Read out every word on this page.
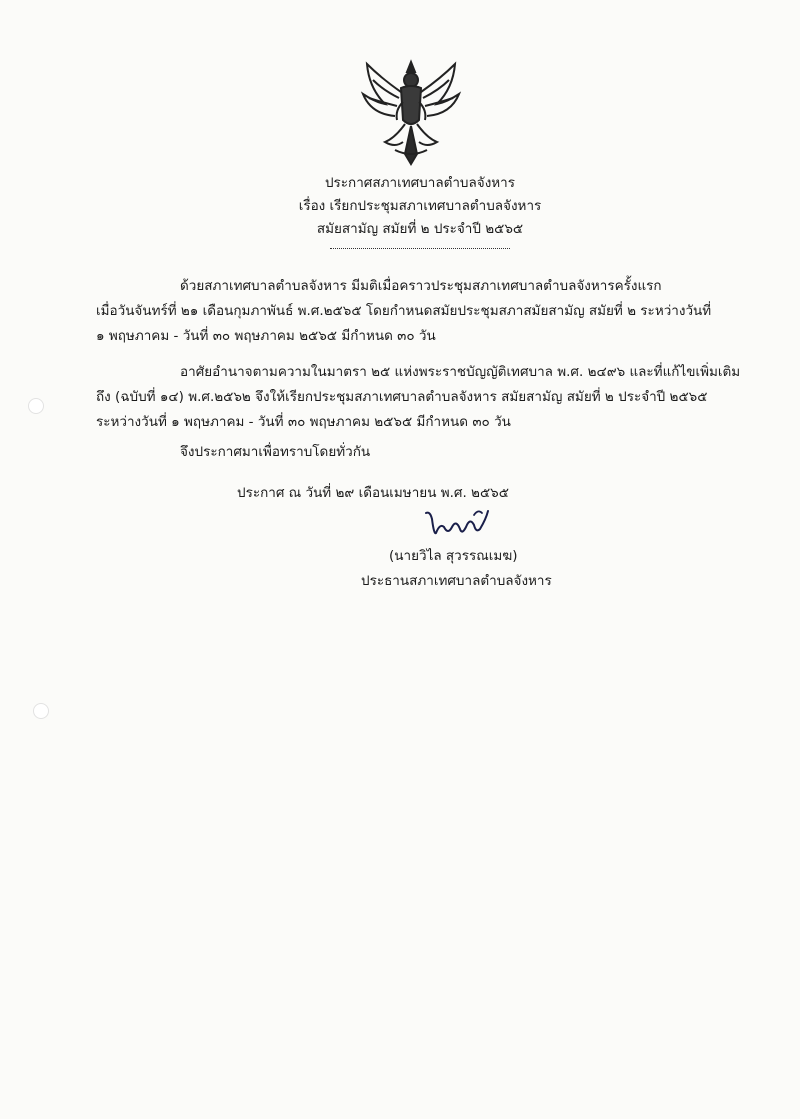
ประกาศสภาเทศบาลตำบลจังหาร
เรื่อง เรียกประชุมสภาเทศบาลตำบลจังหาร
สมัยสามัญ สมัยที่ ๒ ประจำปี ๒๕๖๕
ด้วยสภาเทศบาลตำบลจังหาร มีมติเมื่อคราวประชุมสภาเทศบาลตำบลจังหารครั้งแรก
เมื่อวันจันทร์ที่ ๒๑ เดือนกุมภาพันธ์ พ.ศ.๒๕๖๕ โดยกำหนดสมัยประชุมสภาสมัยสามัญ สมัยที่ ๒ ระหว่างวันที่
๑ พฤษภาคม - วันที่ ๓๐ พฤษภาคม ๒๕๖๕ มีกำหนด ๓๐ วัน
อาศัยอำนาจตามความในมาตรา ๒๕ แห่งพระราชบัญญัติเทศบาล พ.ศ. ๒๔๙๖ และที่แก้ไขเพิ่มเติม
ถึง (ฉบับที่ ๑๔) พ.ศ.๒๕๖๒ จึงให้เรียกประชุมสภาเทศบาลตำบลจังหาร สมัยสามัญ สมัยที่ ๒ ประจำปี ๒๕๖๕
ระหว่างวันที่ ๑ พฤษภาคม - วันที่ ๓๐ พฤษภาคม ๒๕๖๕ มีกำหนด ๓๐ วัน
จึงประกาศมาเพื่อทราบโดยทั่วกัน
ประกาศ ณ วันที่ ๒๙ เดือนเมษายน พ.ศ. ๒๕๖๕
(นายวิไล สุวรรณเมฆ)
ประธานสภาเทศบาลตำบลจังหาร
